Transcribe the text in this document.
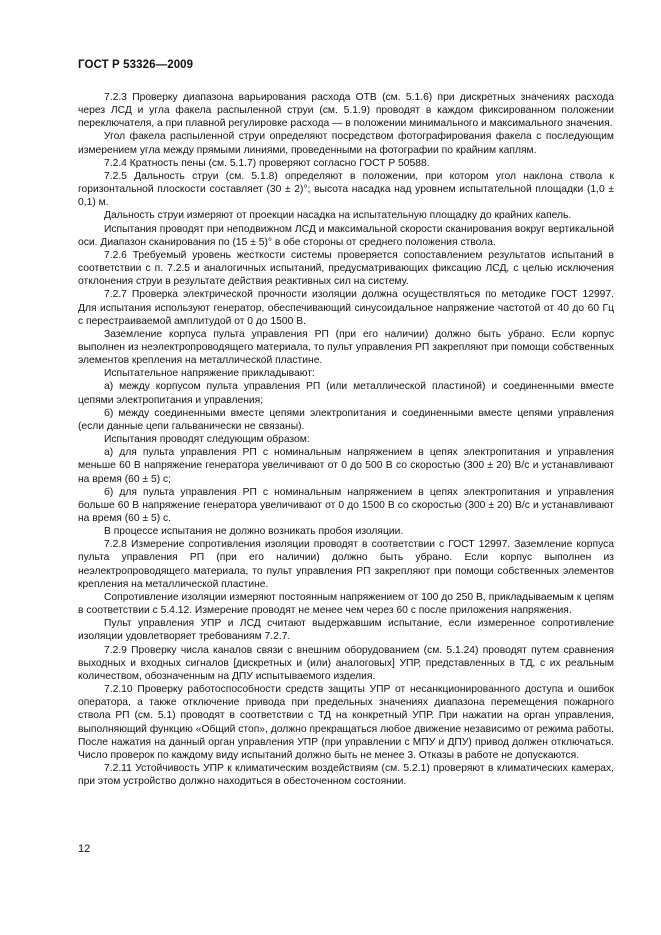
ГОСТ Р 53326—2009

7.2.3 Проверку диапазона варьирования расхода ОТВ (см. 5.1.6) при дискретных значениях расхода через ЛСД и угла факела распыленной струи (см. 5.1.9) проводят в каждом фиксированном положении переключателя, а при плавной регулировке расхода — в положении минимального и максимального значения.

Угол факела распыленной струи определяют посредством фотографирования факела с последующим измерением угла между прямыми линиями, проведенными на фотографии по крайним каплям.

7.2.4 Кратность пены (см. 5.1.7) проверяют согласно ГОСТ Р 50588.

7.2.5 Дальность струи (см. 5.1.8) определяют в положении, при котором угол наклона ствола к горизонтальной плоскости составляет (30 ± 2)°; высота насадка над уровнем испытательной площадки (1,0 ± 0,1) м.

Дальность струи измеряют от проекции насадка на испытательную площадку до крайних капель.

Испытания проводят при неподвижном ЛСД и максимальной скорости сканирования вокруг вертикальной оси. Диапазон сканирования по (15 ± 5)° в обе стороны от среднего положения ствола.

7.2.6 Требуемый уровень жесткости системы проверяется сопоставлением результатов испытаний в соответствии с п. 7.2.5 и аналогичных испытаний, предусматривающих фиксацию ЛСД, с целью исключения отклонения струи в результате действия реактивных сил на систему.

7.2.7 Проверка электрической прочности изоляции должна осуществляться по методике ГОСТ 12997. Для испытания используют генератор, обеспечивающий синусоидальное напряжение частотой от 40 до 60 Гц с перестраиваемой амплитудой от 0 до 1500 В.

Заземление корпуса пульта управления РП (при его наличии) должно быть убрано. Если корпус выполнен из неэлектропроводящего материала, то пульт управления РП закрепляют при помощи собственных элементов крепления на металлической пластине.

Испытательное напряжение прикладывают:

а) между корпусом пульта управления РП (или металлической пластиной) и соединенными вместе цепями электропитания и управления;

б) между соединенными вместе цепями электропитания и соединенными вместе цепями управления (если данные цепи гальванически не связаны).

Испытания проводят следующим образом:

а) для пульта управления РП с номинальным напряжением в цепях электропитания и управления меньше 60 В напряжение генератора увеличивают от 0 до 500 В со скоростью (300 ± 20) В/с и устанавливают на время (60 ± 5) с;

б) для пульта управления РП с номинальным напряжением в цепях электропитания и управления больше 60 В напряжение генератора увеличивают от 0 до 1500 В со скоростью (300 ± 20) В/с и устанавливают на время (60 ± 5) с.

В процессе испытания не должно возникать пробоя изоляции.

7.2.8 Измерение сопротивления изоляции проводят в соответствии с ГОСТ 12997. Заземление корпуса пульта управления РП (при его наличии) должно быть убрано. Если корпус выполнен из неэлектропроводящего материала, то пульт управления РП закрепляют при помощи собственных элементов крепления на металлической пластине.

Сопротивление изоляции измеряют постоянным напряжением от 100 до 250 В, прикладываемым к цепям в соответствии с 5.4.12. Измерение проводят не менее чем через 60 с после приложения напряжения.

Пульт управления УПР и ЛСД считают выдержавшим испытание, если измеренное сопротивление изоляции удовлетворяет требованиям 7.2.7.

7.2.9 Проверку числа каналов связи с внешним оборудованием (см. 5.1.24) проводят путем сравнения выходных и входных сигналов [дискретных и (или) аналоговых] УПР, представленных в ТД, с их реальным количеством, обозначенным на ДПУ испытываемого изделия.

7.2.10 Проверку работоспособности средств защиты УПР от несанкционированного доступа и ошибок оператора, а также отключение привода при предельных значениях диапазона перемещения пожарного ствола РП (см. 5.1) проводят в соответствии с ТД на конкретный УПР. При нажатии на орган управления, выполняющий функцию «Общий стоп», должно прекращаться любое движение независимо от режима работы. После нажатия на данный орган управления УПР (при управлении с МПУ и ДПУ) привод должен отключаться. Число проверок по каждому виду испытаний должно быть не менее 3. Отказы в работе не допускаются.

7.2.11 Устойчивость УПР к климатическим воздействиям (см. 5.2.1) проверяют в климатических камерах, при этом устройство должно находиться в обесточенном состоянии.

12
